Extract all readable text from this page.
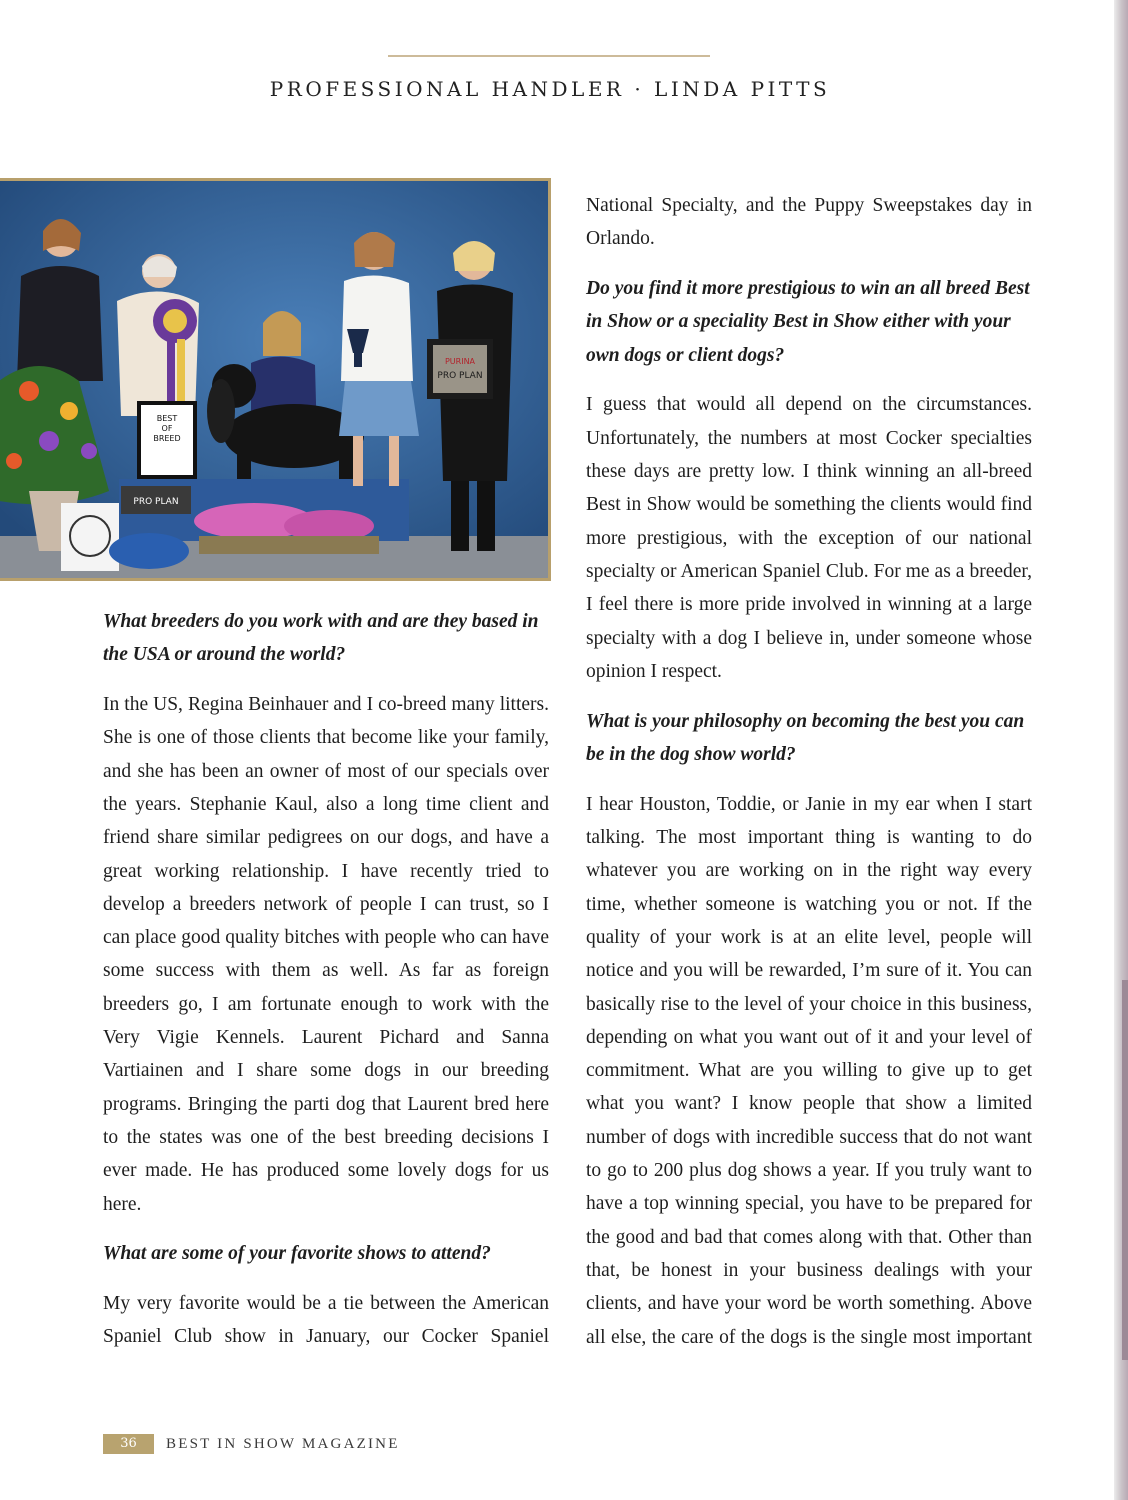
PROFESSIONAL HANDLER · LINDA PITTS
PURINA
PRO PLAN
BEST
OF
BREED
PRO PLAN

What breeders do you work with and are they based in the USA or around the world?

In the US, Regina Beinhauer and I co-breed many litters. She is one of those clients that become like your family, and she has been an owner of most of our specials over the years. Stephanie Kaul, also a long time client and friend share similar pedigrees on our dogs, and have a great working relationship. I have recently tried to develop a breeders network of people I can trust, so I can place good quality bitches with people who can have some success with them as well. As far as foreign breeders go, I am fortunate enough to work with the Very Vigie Kennels. Laurent Pichard and Sanna Vartiainen and I share some dogs in our breeding programs. Bringing the parti dog that Laurent bred here to the states was one of the best breeding decisions I ever made. He has produced some lovely dogs for us here.

What are some of your favorite shows to attend?

My very favorite would be a tie between the American Spaniel Club show in January, our Cocker Spaniel

National Specialty, and the Puppy Sweepstakes day in Orlando.

Do you find it more prestigious to win an all breed Best in Show or a speciality Best in Show either with your own dogs or client dogs?

I guess that would all depend on the circumstances. Unfortunately, the numbers at most Cocker specialties these days are pretty low. I think winning an all-breed Best in Show would be something the clients would find more prestigious, with the exception of our national specialty or American Spaniel Club. For me as a breeder, I feel there is more pride involved in winning at a large specialty with a dog I believe in, under someone whose opinion I respect.

What is your philosophy on becoming the best you can be in the dog show world?

I hear Houston, Toddie, or Janie in my ear when I start talking. The most important thing is wanting to do whatever you are working on in the right way every time, whether someone is watching you or not. If the quality of your work is at an elite level, people will notice and you will be rewarded, I’m sure of it. You can basically rise to the level of your choice in this business, depending on what you want out of it and your level of commitment. What are you willing to give up to get what you want? I know people that show a limited number of dogs with incredible success that do not want to go to 200 plus dog shows a year. If you truly want to have a top winning special, you have to be prepared for the good and bad that comes along with that. Other than that, be honest in your business dealings with your clients, and have your word be worth something. Above all else, the care of the dogs is the single most important

36	BEST IN SHOW MAGAZINE
